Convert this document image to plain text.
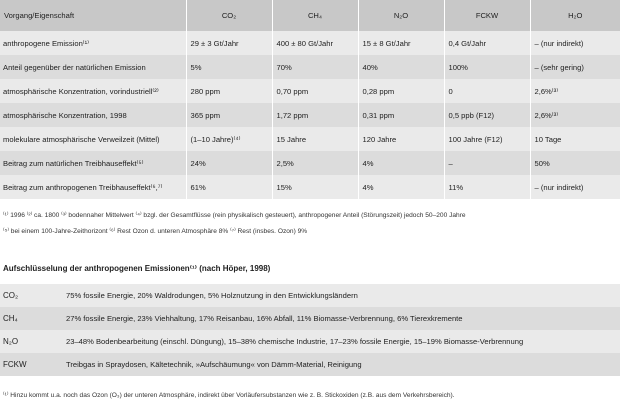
Vorgang/Eigenschaft	CO₂	CH₄	N₂O	FCKW	H₂O
anthropogene Emission⁽¹⁾	29 ± 3 Gt/Jahr	400 ± 80 Gt/Jahr	15 ± 8 Gt/Jahr	0,4 Gt/Jahr	– (nur indirekt)
Anteil gegenüber der natürlichen Emission	5%	70%	40%	100%	– (sehr gering)
atmosphärische Konzentration, vorindustriell⁽²⁾	280 ppm	0,70 ppm	0,28 ppm	0	2,6%⁽³⁾
atmosphärische Konzentration, 1998	365 ppm	1,72 ppm	0,31 ppm	0,5 ppb (F12)	2,6%⁽³⁾
molekulare atmosphärische Verweilzeit (Mittel)	(1–10 Jahre)⁽⁴⁾	15 Jahre	120 Jahre	100 Jahre (F12)	10 Tage
Beitrag zum natürlichen Treibhauseffekt⁽⁵⁾	24%	2,5%	4%	–	50%
Beitrag zum anthropogenen Treibhauseffekt⁽⁶,⁷⁾	61%	15%	4%	11%	– (nur indirekt)
⁽¹⁾ 1996 ⁽²⁾ ca. 1800 ⁽³⁾ bodennaher Mittelwert ⁽⁴⁾ bzgl. der Gesamtflüsse (rein physikalisch gesteuert), anthropogener Anteil (Störungszeit) jedoch 50–200 Jahre
⁽⁵⁾ bei einem 100-Jahre-Zeithorizont ⁽⁶⁾ Rest Ozon d. unteren Atmosphäre 8% ⁽⁷⁾ Rest (insbes. Ozon) 9%
Aufschlüsselung der anthropogenen Emissionen⁽¹⁾ (nach Höper, 1998)
CO₂	75% fossile Energie, 20% Waldrodungen, 5% Holznutzung in den Entwicklungsländern
CH₄	27% fossile Energie, 23% Viehhaltung, 17% Reisanbau, 16% Abfall, 11% Biomasse-Verbrennung, 6% Tierexkremente
N₂O	23–48% Bodenbearbeitung (einschl. Düngung), 15–38% chemische Industrie, 17–23% fossile Energie, 15–19% Biomasse-Verbrennung
FCKW	Treibgas in Spraydosen, Kältetechnik, »Aufschäumung« von Dämm-Material, Reinigung
⁽¹⁾ Hinzu kommt u.a. noch das Ozon (O₃) der unteren Atmosphäre, indirekt über Vorläufersubstanzen wie z. B. Stickoxiden (z.B. aus dem Verkehrsbereich).
